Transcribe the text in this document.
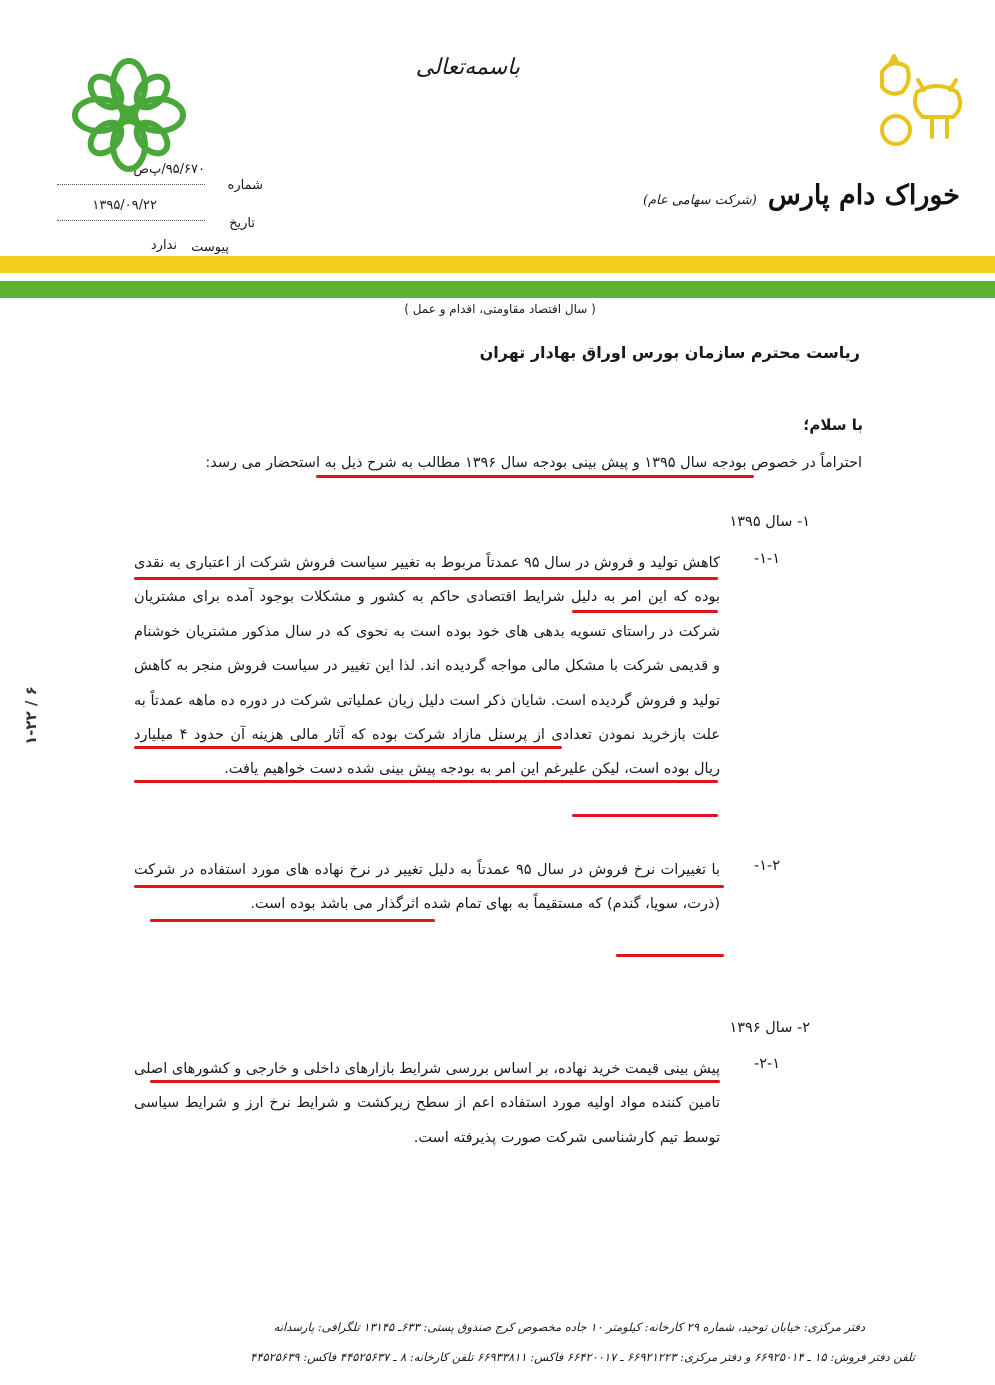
باسمه‌تعالی
خوراک دام پارس (شرکت سهامی عام)
۹۵/۶۷۰/پ‌ص
شماره
۱۳۹۵/۰۹/۲۲
تاریخ
ندارد	پیوست
( سال اقتصاد مقاومتی، اقدام و عمل )
ریاست محترم سازمان بورس اوراق بهادار تهران
با سلام؛
احتراماً در خصوص بودجه سال ۱۳۹۵ و پیش بینی بودجه سال ۱۳۹۶ مطالب به شرح ذیل به استحضار می رسد:
۱- سال ۱۳۹۵
۱-۱-
کاهش تولید و فروش در سال ۹۵ عمدتاً مربوط به تغییر سیاست فروش شرکت از اعتباری به نقدی بوده که این امر به دلیل شرایط اقتصادی حاکم به کشور و مشکلات بوجود آمده برای مشتریان شرکت در راستای تسویه بدهی های خود بوده است به نحوی که در سال مذکور مشتریان خوشنام و قدیمی شرکت با مشکل مالی مواجه گردیده اند. لذا این تغییر در سیاست فروش منجر به کاهش تولید و فروش گردیده است. شایان ذکر است دلیل زیان عملیاتی شرکت در دوره ده ماهه عمدتاً به علت بازخرید نمودن تعدادی از پرسنل مازاد شرکت بوده که آثار مالی هزینه آن حدود ۴ میلیارد ریال بوده است، لیکن علیرغم این امر به بودجه پیش بینی شده دست خواهیم یافت.
۱-۲-
با تغییرات نرخ فروش در سال ۹۵ عمدتاً به دلیل تغییر در نرخ نهاده های مورد استفاده در شرکت (ذرت، سویا، گندم) که مستقیماً به بهای تمام شده اثرگذار می باشد بوده است.
۲- سال ۱۳۹۶
۲-۱-
پیش بینی قیمت خرید نهاده، بر اساس بررسی شرایط بازارهای داخلی و خارجی و کشورهای اصلی تامین کننده مواد اولیه مورد استفاده اعم از سطح زیرکشت و شرایط نرخ ارز و شرایط سیاسی توسط تیم کارشناسی شرکت صورت پذیرفته است.
۱-۲۲ / ۶
دفتر مرکزی: خیابان توحید، شماره ۲۹ کارخانه: کیلومتر ۱۰ جاده مخصوص کرج صندوق پستی: ۶۳۳ـ ۱۳۱۴۵ تلگرافی: پارسدانه
تلفن دفتر فروش: ۱۵ ـ ۶۶۹۲۵۰۱۴ و دفتر مرکزی: ۶۶۹۲۱۲۲۳ ـ ۶۶۴۲۰۰۱۷ فاکس: ۶۶۹۳۳۸۱۱ تلفن کارخانه: ۸ ـ ۴۴۵۲۵۶۳۷ فاکس: ۴۴۵۲۵۶۳۹
